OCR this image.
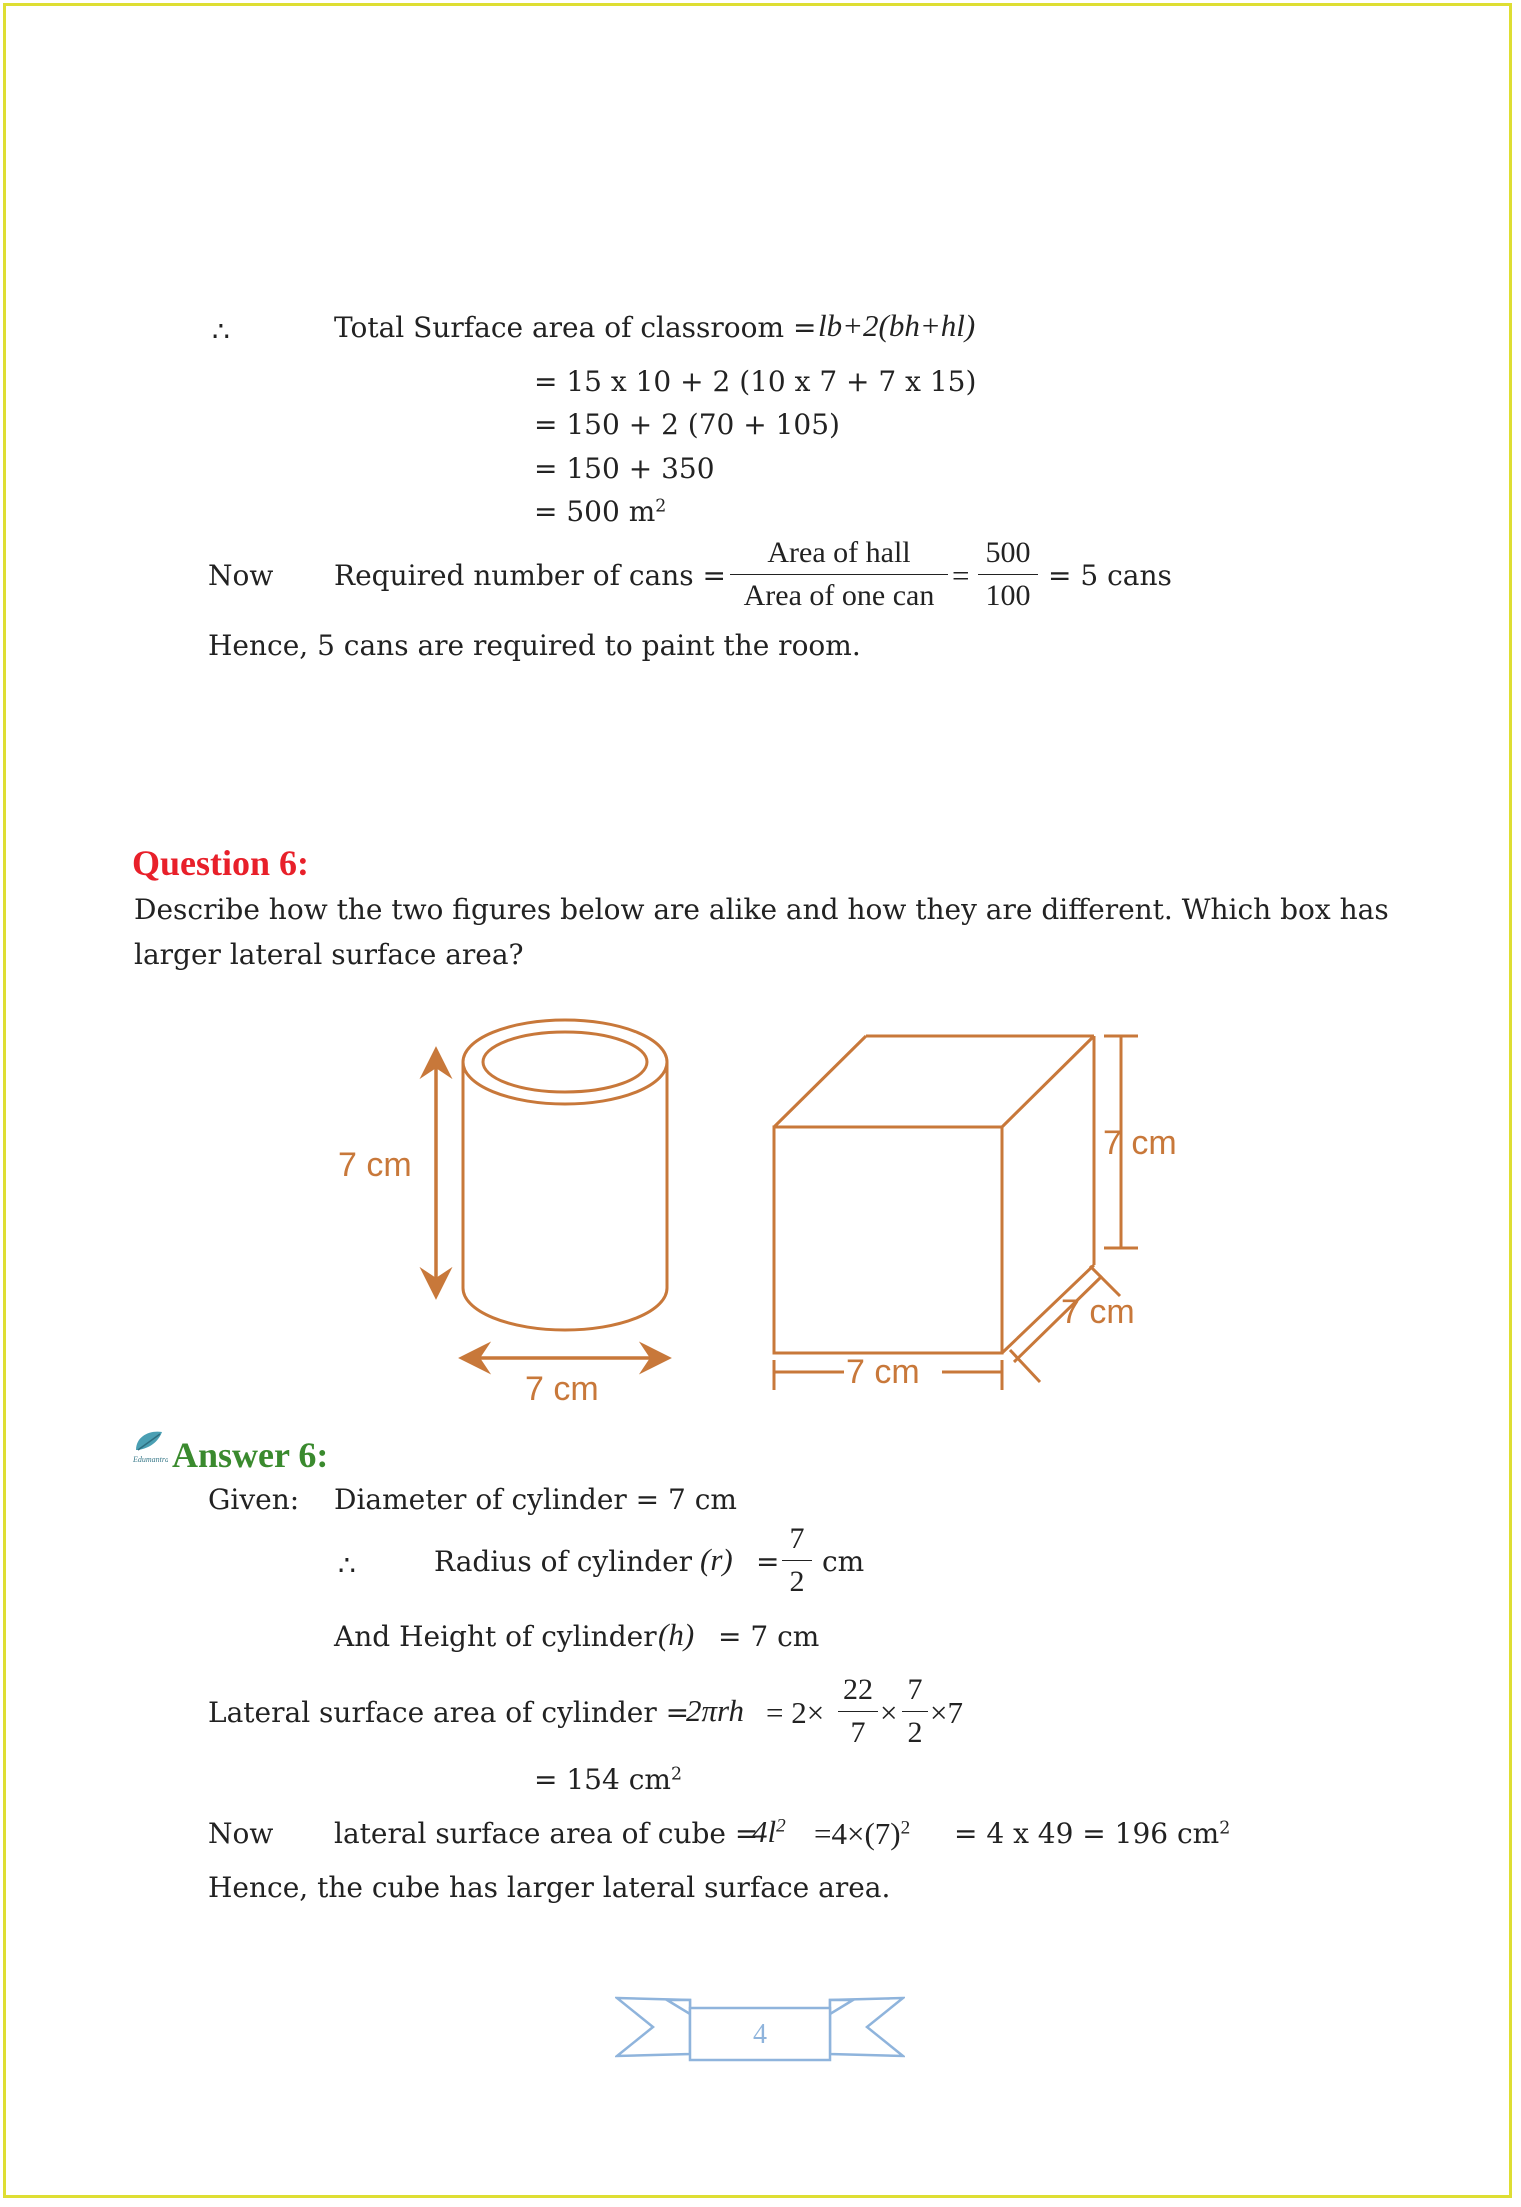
∴	Total Surface area of classroom = lb+2(bh+hl)
= 15 x 10 + 2 (10 x 7 + 7 x 15)
= 150 + 2 (70 + 105)
= 150 + 350
= 500 $m^2$
Now Required number of cans =
Area of hall
Area of one can
=
500
100
= 5 cans
Hence, 5 cans are required to paint the room.
Question 6:
Describe how the two figures below are alike and how they are different. Which box has
larger lateral surface area?
7 cm
7 cm
7 cm
7 cm
7 cm
Edumantra Answer 6:
Given: Diameter of cylinder = 7 cm
∴	Radius of cylinder (r) =
7
2
cm
And Height of cylinder (h) = 7 cm
Lateral surface area of cylinder =
2πrh = 2×
22
7
×
7
2
×7
= 154 $cm^2$
Now lateral surface area of cube =
$4l^2 =4\times(7)^2 = 4$ x 49 = 196 $cm^2$
Hence, the cube has larger lateral surface area.
4
